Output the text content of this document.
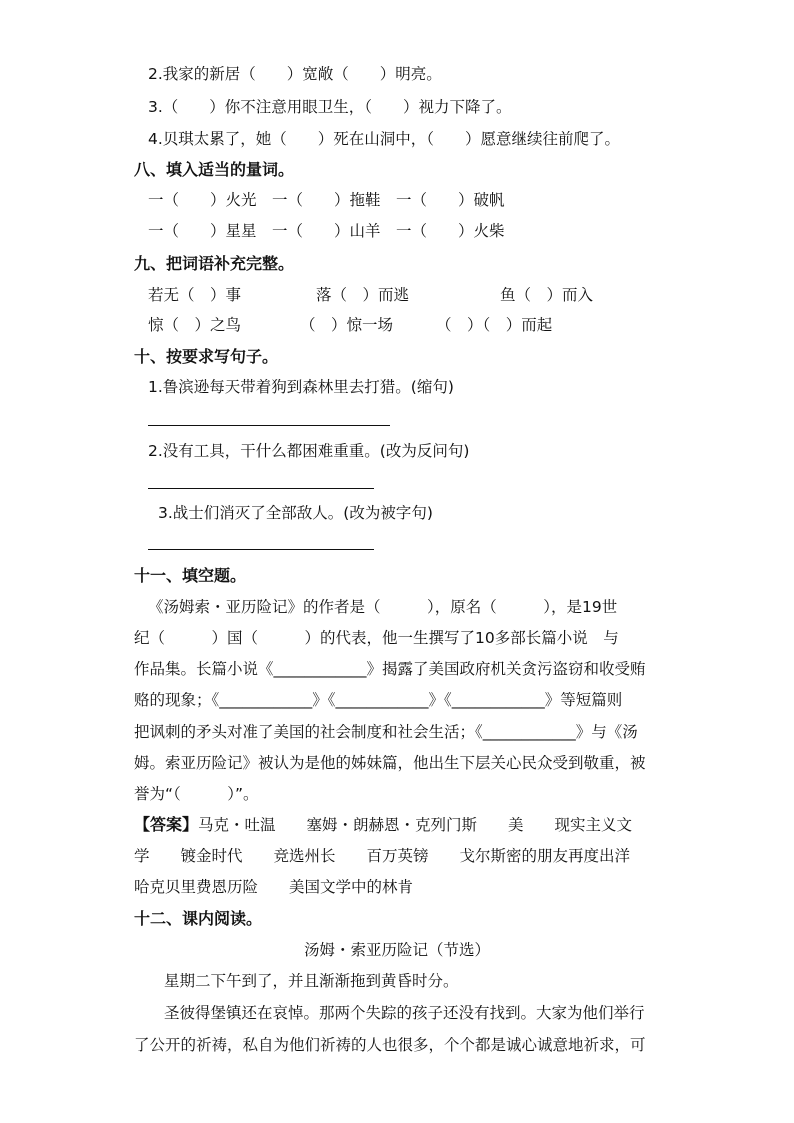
2.我家的新居（　　）宽敞（　　）明亮。
3.（　　）你不注意用眼卫生，（　　）视力下降了。
4.贝琪太累了，她（　　）死在山洞中，（　　）愿意继续往前爬了。
八、填入适当的量词。
一（　　）火光　一（　　）拖鞋　一（　　）破帆
一（　　）星星　一（　　）山羊　一（　　）火柴
九、把词语补充完整。
若无（　）事	落（　）而逃	鱼（　）而入
惊（　）之鸟	（　）惊一场	（　）（　）而起
十、按要求写句子。
1.鲁滨逊每天带着狗到森林里去打猎。(缩句)
2.没有工具，干什么都困难重重。(改为反问句)
3.战士们消灭了全部敌人。(改为被字句)
十一、填空题。
《汤姆索・亚历险记》的作者是（　　　），原名（　　　），是19世
纪（　　　）国（　　　）的代表，他一生撰写了10多部长篇小说　与
作品集。长篇小说《____________》揭露了美国政府机关贪污盗窃和收受贿
赂的现象；《____________》《____________》《____________》等短篇则
把讽刺的矛头对准了美国的社会制度和社会生活；《____________》与《汤
姆。索亚历险记》被认为是他的姊妹篇，他出生下层关心民众受到敬重，被
誉为“（　　　）”。
【答案】马克・吐温　　塞姆・朗赫恩・克列门斯　　美　　现实主义文
学　　镀金时代　　竞选州长　　百万英镑　　戈尔斯密的朋友再度出洋
哈克贝里费恩历险　　美国文学中的林肯
十二、课内阅读。
汤姆・索亚历险记（节选）
星期二下午到了，并且渐渐拖到黄昏时分。
圣彼得堡镇还在哀悼。那两个失踪的孩子还没有找到。大家为他们举行
了公开的祈祷，私自为他们祈祷的人也很多，个个都是诚心诚意地祈求，可
